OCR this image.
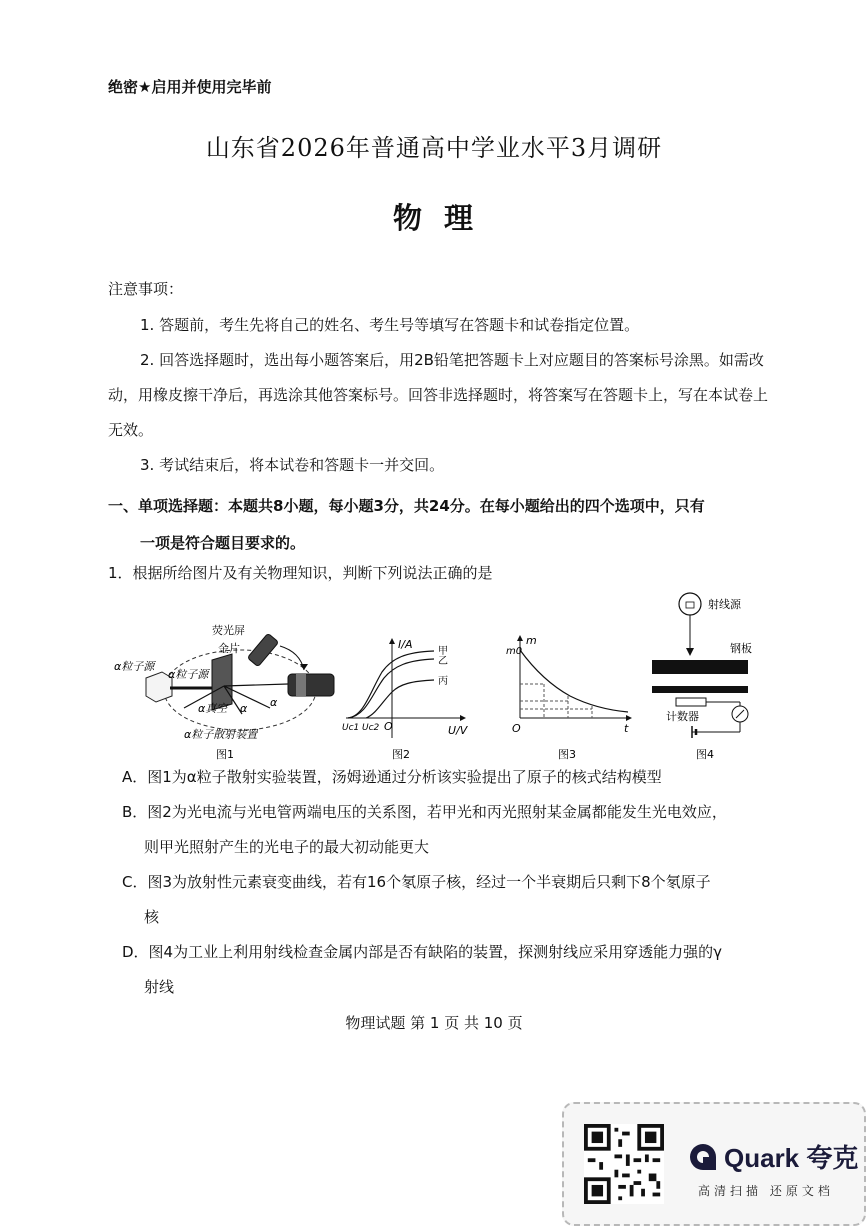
绝密★启用并使用完毕前
山东省2026年普通高中学业水平3月调研
物理
注意事项：
1. 答题前，考生先将自己的姓名、考生号等填写在答题卡和试卷指定位置。
2. 回答选择题时，选出每小题答案后，用2B铅笔把答题卡上对应题目的答案标号涂黑。如需改动，用橡皮擦干净后，再选涂其他答案标号。回答非选择题时，将答案写在答题卡上，写在本试卷上无效。
3. 考试结束后，将本试卷和答题卡一并交回。
一、单项选择题：本题共8小题，每小题3分，共24分。在每小题给出的四个选项中，只有
一项是符合题目要求的。
1．根据所给图片及有关物理知识，判断下列说法正确的是
荧光屏
金片
α粒子源
α粒子源
α真空 α α
α粒子散射装置
图1
I/A
甲
乙
丙
U/V
O
Uc1 Uc2
图2
m
m0
O	t
图3
射线源
钢板
计数器
图4
A．图1为α粒子散射实验装置，汤姆逊通过分析该实验提出了原子的核式结构模型
B．图2为光电流与光电管两端电压的关系图，若甲光和丙光照射某金属都能发生光电效应，
则甲光照射产生的光电子的最大初动能更大
C．图3为放射性元素衰变曲线，若有16个氡原子核，经过一个半衰期后只剩下8个氡原子
核
D．图4为工业上利用射线检查金属内部是否有缺陷的装置，探测射线应采用穿透能力强的γ
射线
物理试题 第 1 页 共 10 页
Quark 夸克
高清扫描 还原文档
